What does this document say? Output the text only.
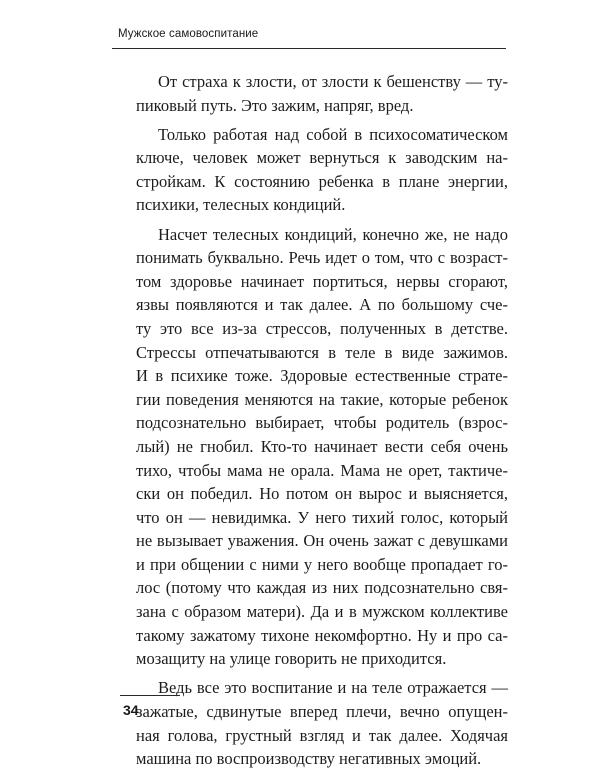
Мужское самовоспитание

От страха к злости, от злости к бешенству — ту-
пиковый путь. Это зажим, напряг, вред.

Только работая над собой в психосоматическом
ключе, человек может вернуться к заводским на-
стройкам. К состоянию ребенка в плане энергии,
психики, телесных кондиций.

Насчет телесных кондиций, конечно же, не надо
понимать буквально. Речь идет о том, что с возраст-
том здоровье начинает портиться, нервы сгорают,
язвы появляются и так далее. А по большому сче-
ту это все из-за стрессов, полученных в детстве.
Стрессы отпечатываются в теле в виде зажимов.
И в психике тоже. Здоровые естественные страте-
гии поведения меняются на такие, которые ребенок
подсознательно выбирает, чтобы родитель (взрос-
лый) не гнобил. Кто-то начинает вести себя очень
тихо, чтобы мама не орала. Мама не орет, тактиче-
ски он победил. Но потом он вырос и выясняется,
что он — невидимка. У него тихий голос, который
не вызывает уважения. Он очень зажат с девушками
и при общении с ними у него вообще пропадает го-
лос (потому что каждая из них подсознательно свя-
зана с образом матери). Да и в мужском коллективе
такому зажатому тихоне некомфортно. Ну и про са-
мозащиту на улице говорить не приходится.

Ведь все это воспитание и на теле отражается —
зажатые, сдвинутые вперед плечи, вечно опущен-
ная голова, грустный взгляд и так далее. Ходячая
машина по воспроизводству негативных эмоций.

34
